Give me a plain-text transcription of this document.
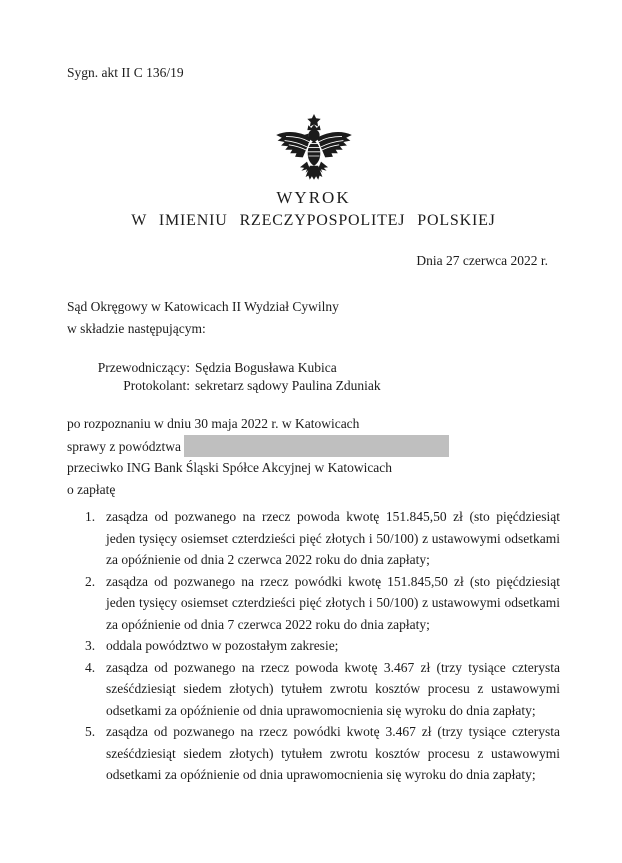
Sygn. akt II C 136/19

WYROK
W IMIENIU RZECZYPOSPOLITEJ POLSKIEJ
Dnia 27 czerwca 2022 r.

Sąd Okręgowy w Katowicach II Wydział Cywilny

w składzie następującym:

Przewodniczący: Sędzia Bogusława Kubica
Protokolant: sekretarz sądowy Paulina Zduniak

po rozpoznaniu w dniu 30 maja 2022 r. w Katowicach

sprawy z powództwa

przeciwko ING Bank Śląski Spółce Akcyjnej w Katowicach

o zapłatę

1. zasądza od pozwanego na rzecz powoda kwotę 151.845,50 zł (sto pięćdziesiąt jeden tysięcy osiemset czterdzieści pięć złotych i 50/100) z ustawowymi odsetkami za opóźnienie od dnia 2 czerwca 2022 roku do dnia zapłaty;
2. zasądza od pozwanego na rzecz powódki kwotę 151.845,50 zł (sto pięćdziesiąt jeden tysięcy osiemset czterdzieści pięć złotych i 50/100) z ustawowymi odsetkami za opóźnienie od dnia 7 czerwca 2022 roku do dnia zapłaty;
3. oddala powództwo w pozostałym zakresie;
4. zasądza od pozwanego na rzecz powoda kwotę 3.467 zł (trzy tysiące czterysta sześćdziesiąt siedem złotych) tytułem zwrotu kosztów procesu z ustawowymi odsetkami za opóźnienie od dnia uprawomocnienia się wyroku do dnia zapłaty;
5. zasądza od pozwanego na rzecz powódki kwotę 3.467 zł (trzy tysiące czterysta sześćdziesiąt siedem złotych) tytułem zwrotu kosztów procesu z ustawowymi odsetkami za opóźnienie od dnia uprawomocnienia się wyroku do dnia zapłaty;
